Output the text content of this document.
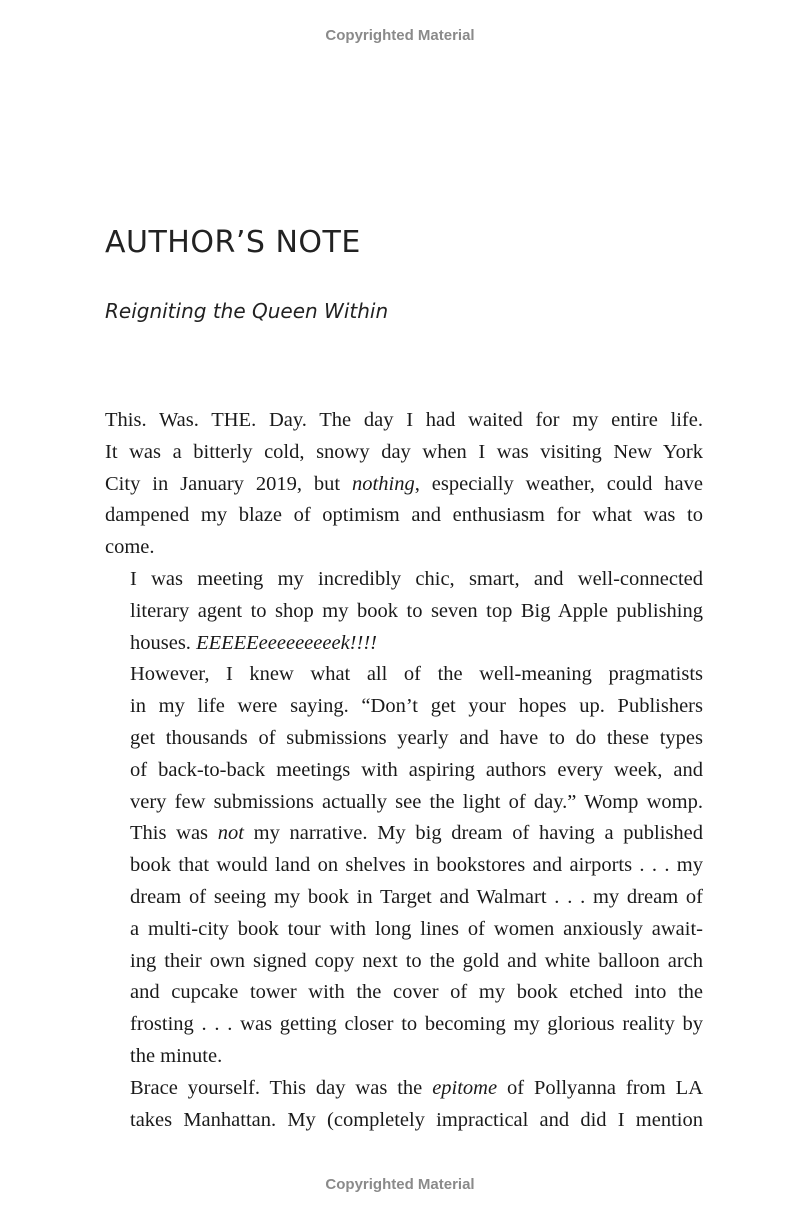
Copyrighted Material
AUTHOR’S NOTE
Reigniting the Queen Within

This. Was. THE. Day. The day I had waited for my entire life.
It was a bitterly cold, snowy day when I was visiting New York
City in January 2019, but nothing, especially weather, could have
dampened my blaze of optimism and enthusiasm for what was to
come.

I was meeting my incredibly chic, smart, and well-connected
literary agent to shop my book to seven top Big Apple publishing
houses. EEEEEeeeeeeeeek!!!!

However, I knew what all of the well-meaning pragmatists
in my life were saying. “Don’t get your hopes up. Publishers
get thousands of submissions yearly and have to do these types
of back-to-back meetings with aspiring authors every week, and
very few submissions actually see the light of day.” Womp womp.

This was not my narrative. My big dream of having a published
book that would land on shelves in bookstores and airports . . . my
dream of seeing my book in Target and Walmart . . . my dream of
a multi-city book tour with long lines of women anxiously await-
ing their own signed copy next to the gold and white balloon arch
and cupcake tower with the cover of my book etched into the
frosting . . . was getting closer to becoming my glorious reality by
the minute.

Brace yourself. This day was the epitome of Pollyanna from LA
takes Manhattan. My (completely impractical and did I mention

Copyrighted Material
